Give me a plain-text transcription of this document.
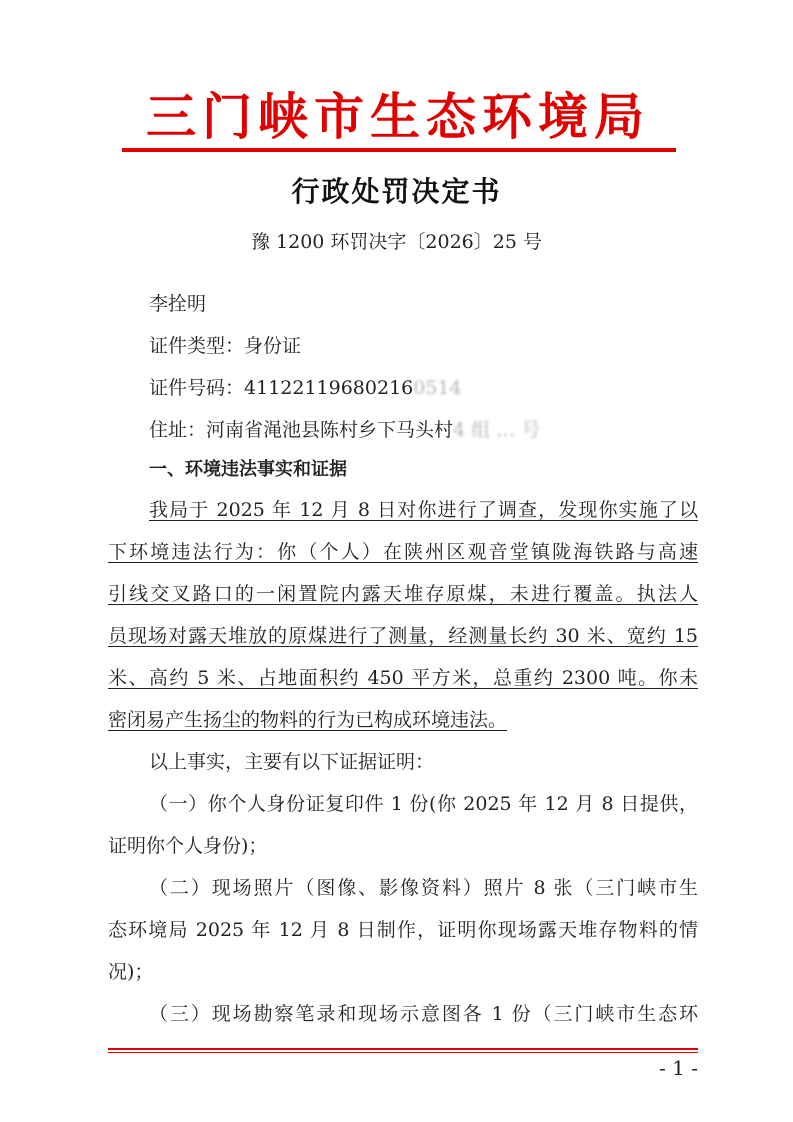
三门峡市生态环境局
行政处罚决定书
豫 1200 环罚决字〔2026〕25 号
李拴明
证件类型：身份证
证件号码：411221196802160514
住址：河南省渑池县陈村乡下马头村4 组 … 号
一、环境违法事实和证据
我局于 2025 年 12 月 8 日对你进行了调查，发现你实施了以
下环境违法行为：你（个人）在陕州区观音堂镇陇海铁路与高速
引线交叉路口的一闲置院内露天堆存原煤，未进行覆盖。执法人
员现场对露天堆放的原煤进行了测量，经测量长约 30 米、宽约 15
米、高约 5 米、占地面积约 450 平方米，总重约 2300 吨。你未
密闭易产生扬尘的物料的行为已构成环境违法。
以上事实，主要有以下证据证明：
（一）你个人身份证复印件 1 份(你 2025 年 12 月 8 日提供，
证明你个人身份)；
（二）现场照片（图像、影像资料）照片 8 张（三门峡市生
态环境局 2025 年 12 月 8 日制作，证明你现场露天堆存物料的情
况)；
（三）现场勘察笔录和现场示意图各 1 份（三门峡市生态环
- 1 -
